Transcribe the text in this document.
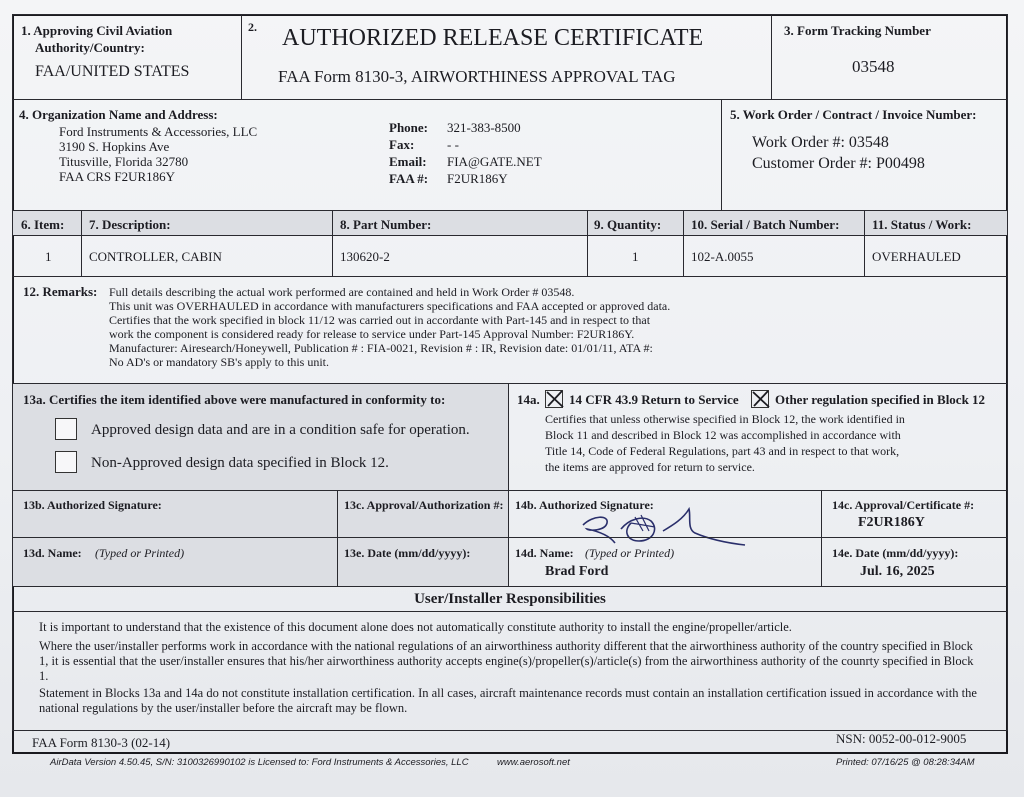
1. Approving Civil Aviation
Authority/Country:
FAA/UNITED STATES
2. AUTHORIZED RELEASE CERTIFICATE
FAA Form 8130-3, AIRWORTHINESS APPROVAL TAG
3. Form Tracking Number
03548
4. Organization Name and Address:
Ford Instruments & Accessories, LLC
3190 S. Hopkins Ave
Titusville, Florida 32780
FAA CRS F2UR186Y
Phone: 321-383-8500
Fax:	- -
Email: FIA@GATE.NET
FAA #: F2UR186Y
5. Work Order / Contract / Invoice Number:
Work Order #: 03548
Customer Order #: P00498
6. Item: 7. Description:	8. Part Number:	9. Quantity: 10. Serial / Batch Number:	11. Status / Work:
1	CONTROLLER, CABIN	130620-2	1	102-A.0055	OVERHAULED
12. Remarks: Full details describing the actual work performed are contained and held in Work Order # 03548.
This unit was OVERHAULED in accordance with manufacturers specifications and FAA accepted or approved data.
Certifies that the work specified in block 11/12 was carried out in accordante with Part-145 and in respect to that
work the component is considered ready for release to service under Part-145 Approval Number: F2UR186Y.
Manufacturer: Airesearch/Honeywell, Publication # : FIA-0021, Revision # : IR, Revision date: 01/01/11, ATA #:
No AD's or mandatory SB's apply to this unit.
13a. Certifies the item identified above were manufactured in conformity to:
Approved design data and are in a condition safe for operation.
Non-Approved design data specified in Block 12.
14a. 14 CFR 43.9 Return to Service	Other regulation specified in Block 12
Certifies that unless otherwise specified in Block 12, the work identified in
Block 11 and described in Block 12 was accomplished in accordance with
Title 14, Code of Federal Regulations, part 43 and in respect to that work,
the items are approved for return to service.
13b. Authorized Signature:	13c. Approval/Authorization #: 14b. Authorized Signature:	14c. Approval/Certificate #:
F2UR186Y
13d. Name: (Typed or Printed)	13e. Date (mm/dd/yyyy):	14d. Name: (Typed or Printed)
Brad Ford
14e. Date (mm/dd/yyyy):
Jul. 16, 2025
User/Installer Responsibilities
It is important to understand that the existence of this document alone does not automatically constitute authority to install the engine/propeller/article.
Where the user/installer performs work in accordance with the national regulations of an airworthiness authority different that the airworthiness authority of the country specified in Block 1, it is essential that the user/installer ensures that his/her airworthiness authority accepts engine(s)/propeller(s)/article(s) from the airworthiness authority of the counrty specified in Block 1.
Statement in Blocks 13a and 14a do not constitute installation certification. In all cases, aircraft maintenance records must contain an installation certification issued in accordance with the national regulations by the user/installer before the aircraft may be flown.
FAA Form 8130-3 (02-14)	NSN: 0052-00-012-9005
AirData Version 4.50.45, S/N: 3100326990102 is Licensed to: Ford Instruments & Accessories, LLC	www.aerosoft.net	Printed: 07/16/25 @ 08:28:34AM
